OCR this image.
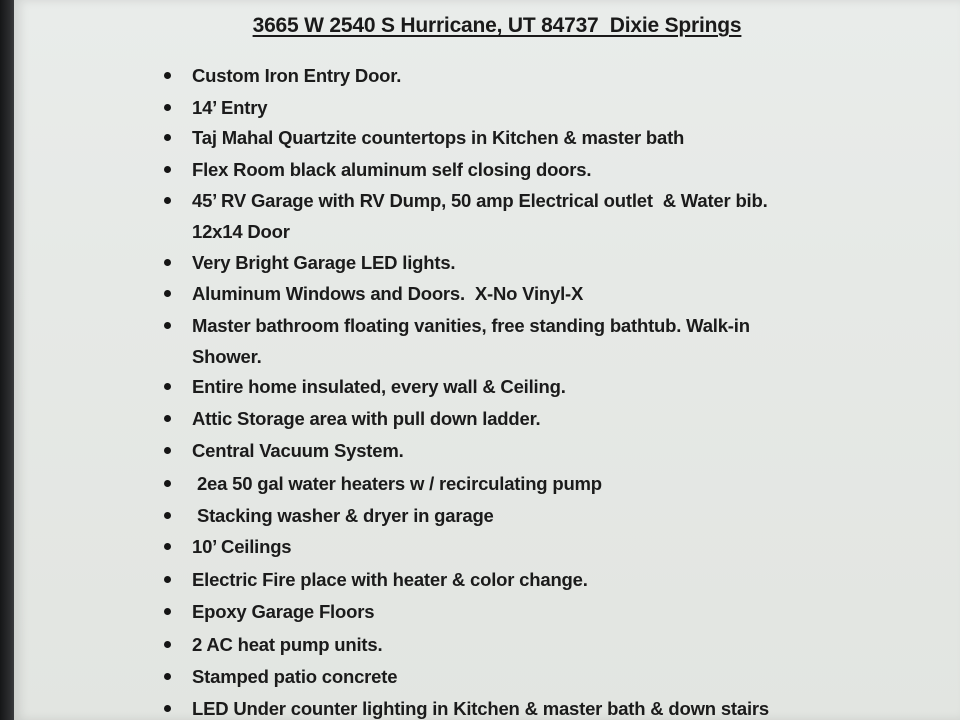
3665 W 2540 S Hurricane, UT 84737  Dixie Springs
Custom Iron Entry Door.
14’ Entry
Taj Mahal Quartzite countertops in Kitchen & master bath
Flex Room black aluminum self closing doors.
45’ RV Garage with RV Dump, 50 amp Electrical outlet  & Water bib.
12x14 Door
Very Bright Garage LED lights.
Aluminum Windows and Doors.  X-No Vinyl-X
Master bathroom floating vanities, free standing bathtub. Walk-in
Shower.
Entire home insulated, every wall & Ceiling.
Attic Storage area with pull down ladder.
Central Vacuum System.
2ea 50 gal water heaters w / recirculating pump
Stacking washer & dryer in garage
10’ Ceilings
Electric Fire place with heater & color change.
Epoxy Garage Floors
2 AC heat pump units.
Stamped patio concrete
LED Under counter lighting in Kitchen & master bath & down stairs
